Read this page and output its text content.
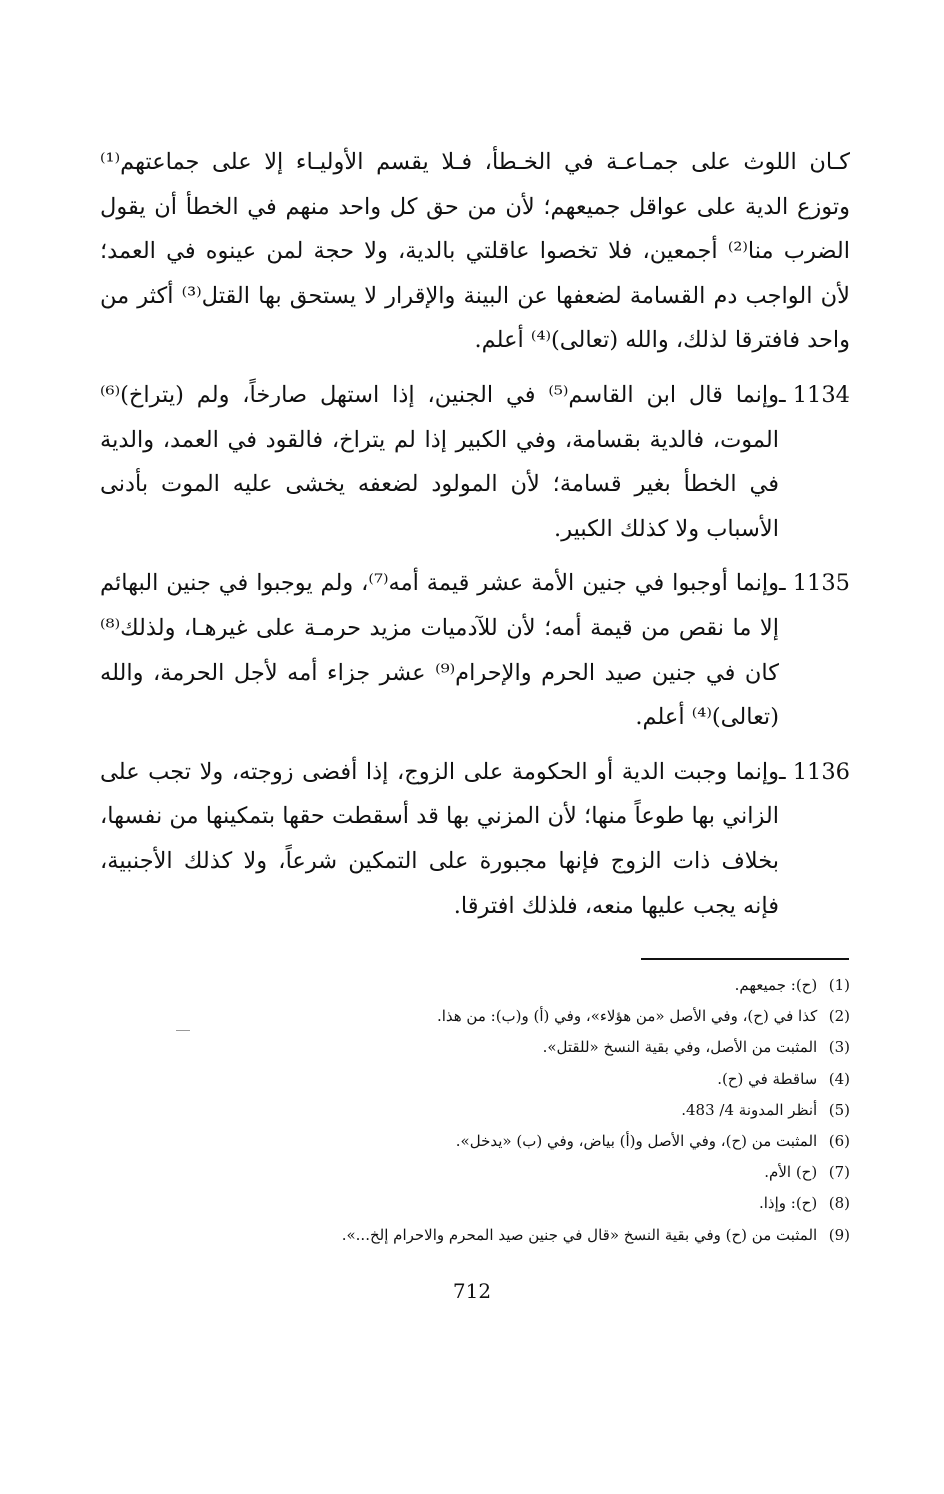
كـان اللوث على جمـاعـة في الخـطأ، فـلا يقسم الأوليـاء إلا على جماعتهم⁽¹⁾ وتوزع الدية على عواقل جميعهم؛ لأن من حق كل واحد منهم في الخطأ أن يقول الضرب منا⁽²⁾ أجمعين، فلا تخصوا عاقلتي بالدية، ولا حجة لمن عينوه في العمد؛ لأن الواجب دم القسامة لضعفها عن البينة والإقرار لا يستحق بها القتل⁽³⁾ أكثر من واحد فافترقا لذلك، والله (تعالى)⁽⁴⁾ أعلم.

1134 ـ
وإنما قال ابن القاسم⁽⁵⁾ في الجنين، إذا استهل صارخاً، ولم (يتراخ)⁽⁶⁾ الموت، فالدية بقسامة، وفي الكبير إذا لم يتراخ، فالقود في العمد، والدية في الخطأ بغير قسامة؛ لأن المولود لضعفه يخشى عليه الموت بأدنى الأسباب ولا كذلك الكبير.
1135 ـ
وإنما أوجبوا في جنين الأمة عشر قيمة أمه⁽⁷⁾، ولم يوجبوا في جنين البهائم إلا ما نقص من قيمة أمه؛ لأن للآدميات مزيد حرمـة على غيرهـا، ولذلك⁽⁸⁾ كان في جنين صيد الحرم والإحرام⁽⁹⁾ عشر جزاء أمه لأجل الحرمة، والله (تعالى)⁽⁴⁾ أعلم.
1136 ـ
وإنما وجبت الدية أو الحكومة على الزوج، إذا أفضى زوجته، ولا تجب على الزاني بها طوعاً منها؛ لأن المزني بها قد أسقطت حقها بتمكينها من نفسها، بخلاف ذات الزوج فإنها مجبورة على التمكين شرعاً، ولا كذلك الأجنبية، فإنه يجب عليها منعه، فلذلك افترقا.
(1) (ح): جميعهم.
(2) كذا في (ح)، وفي الأصل «من هؤلاء»، وفي (أ) و(ب): من هذا.
(3) المثبت من الأصل، وفي بقية النسخ «للقتل».
(4) ساقطة في (ح).
(5) أنظر المدونة 4/ 483.
(6) المثبت من (ح)، وفي الأصل و(أ) بياض، وفي (ب) «يدخل».
(7) (ح) الأم.
(8) (ح): وإذا.
(9) المثبت من (ح) وفي بقية النسخ «قال في جنين صيد المحرم والاحرام إلخ...».
712
